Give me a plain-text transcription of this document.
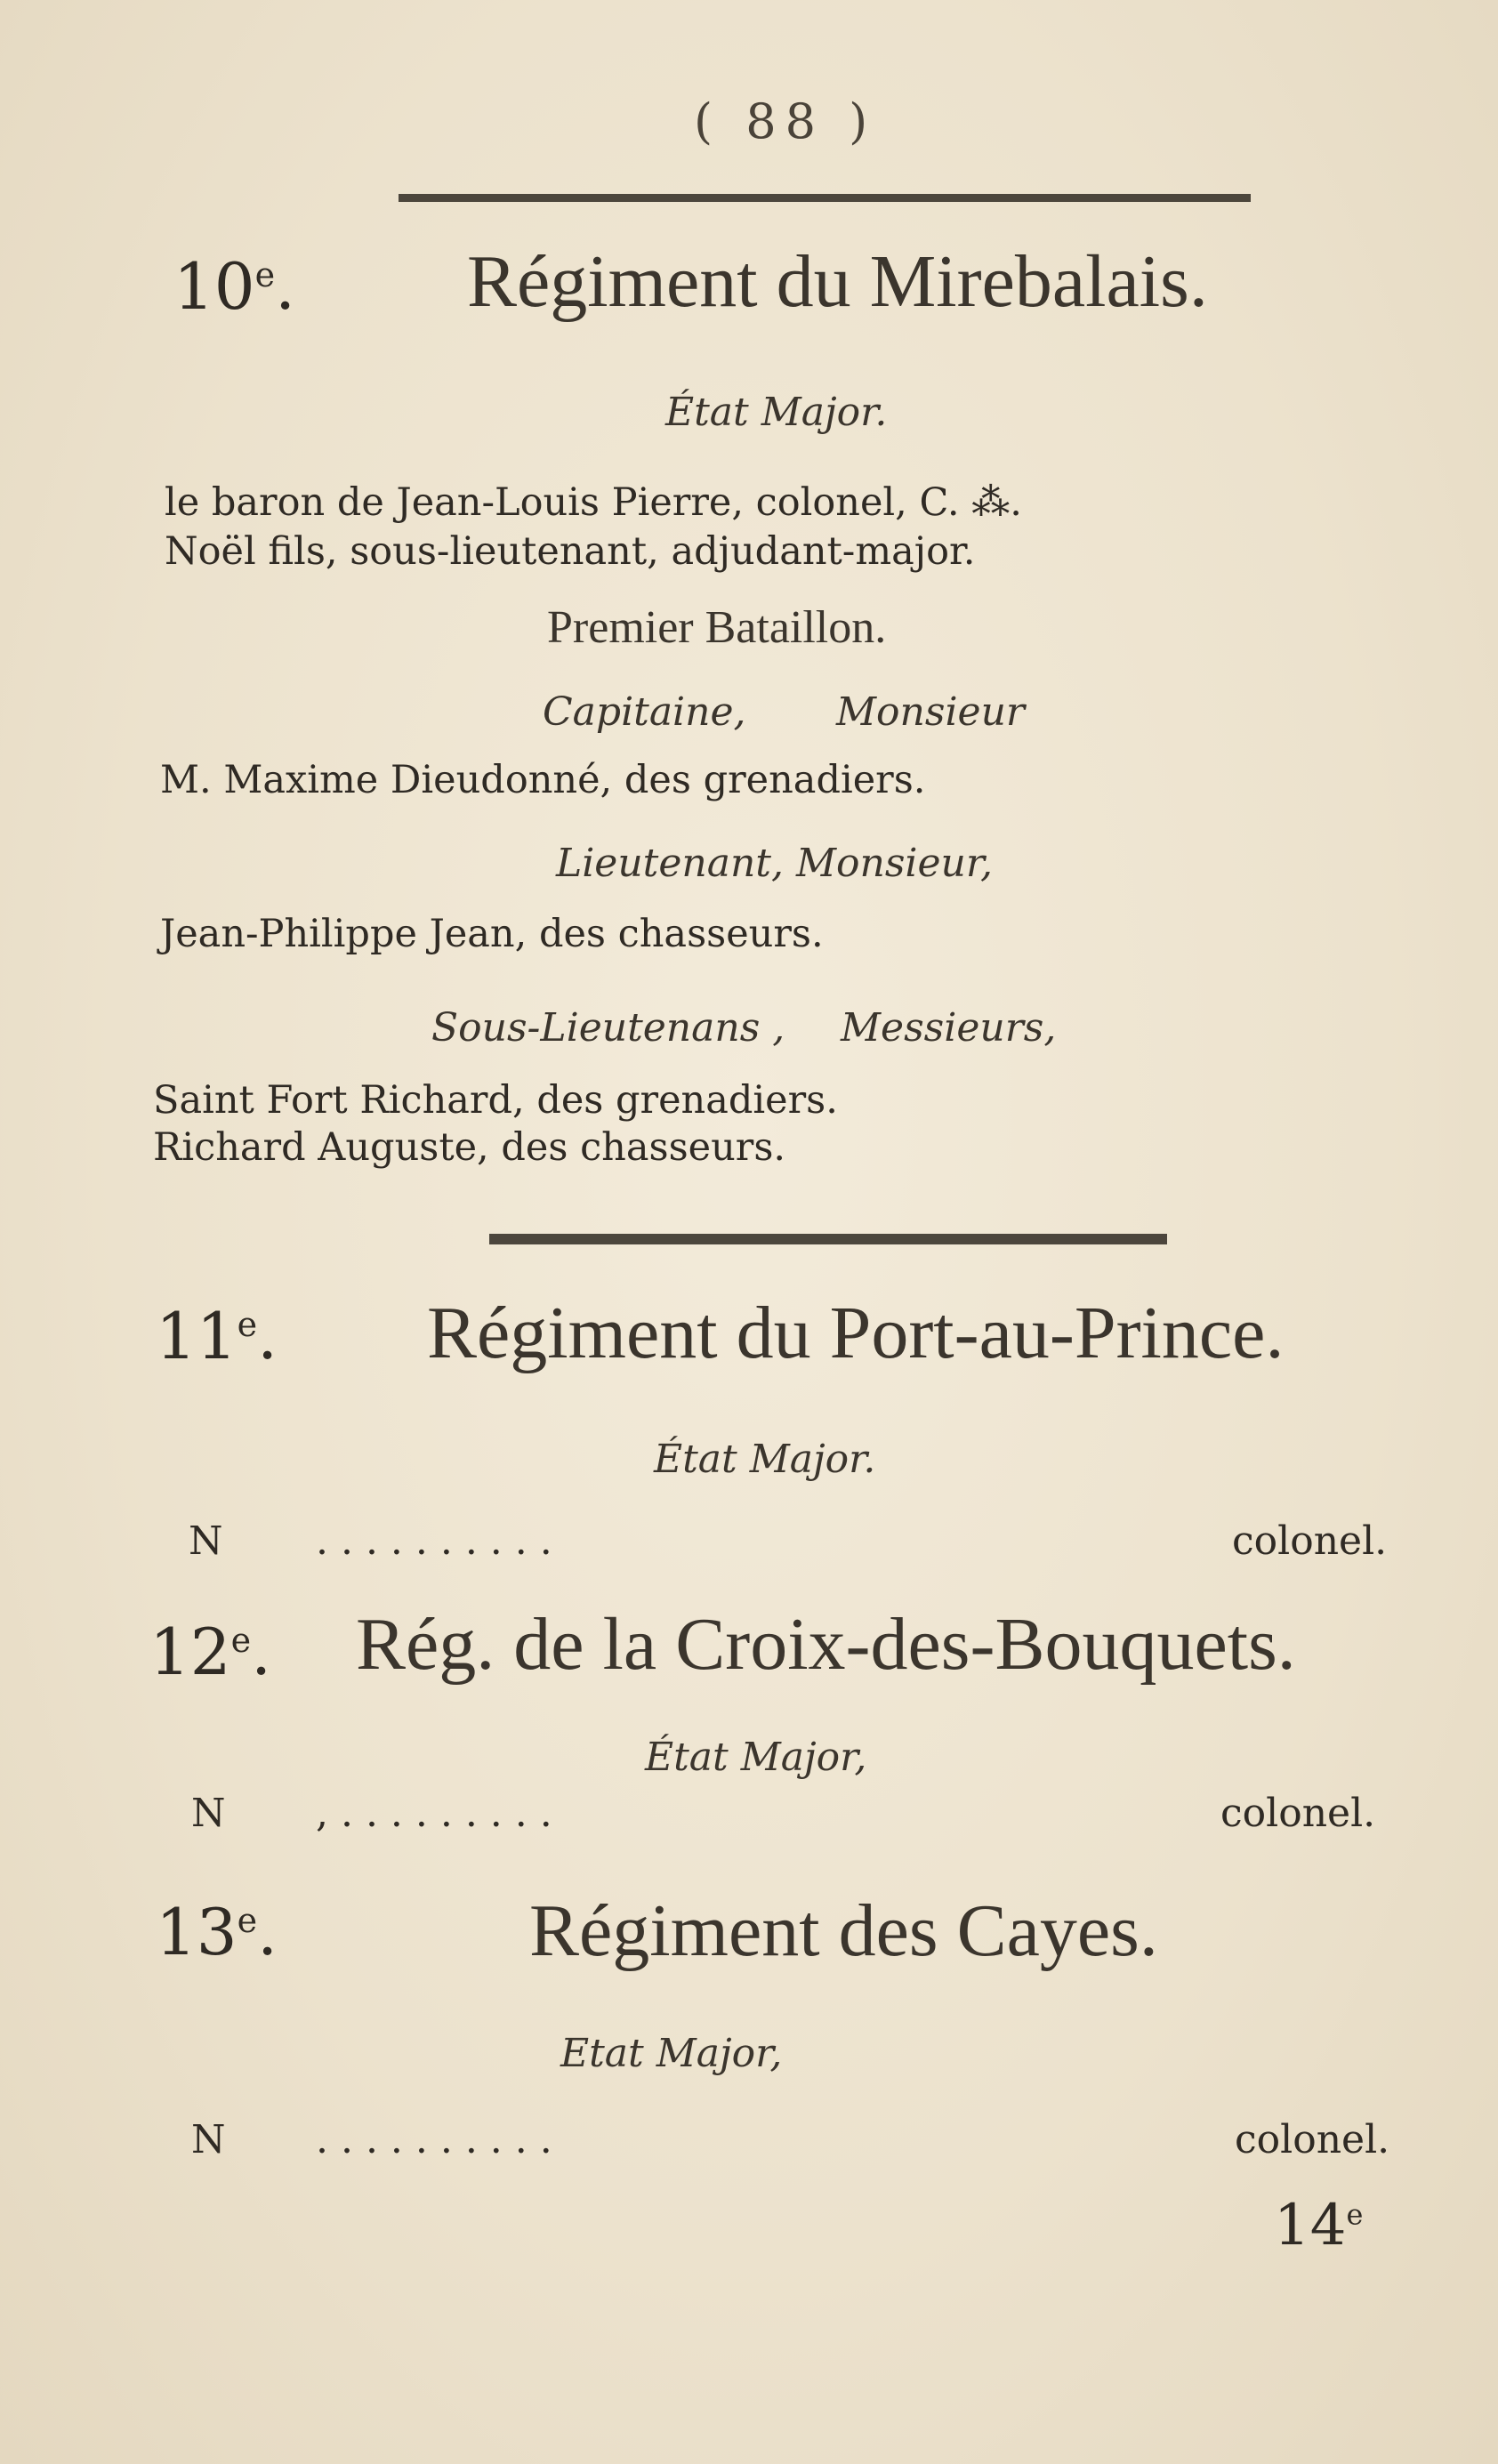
( 88 )
10e. Régiment du Mirebalais.
État Major.
le baron de Jean-Louis Pierre, colonel, C. ⁂.
Noël fils, sous-lieutenant, adjudant-major.
Premier Bataillon.
Capitaine, Monsieur
M. Maxime Dieudonné, des grenadiers.
Lieutenant, Monsieur,
Jean-Philippe Jean, des chasseurs.
Sous-Lieutenans , Messieurs,
Saint Fort Richard, des grenadiers.
Richard Auguste, des chasseurs.
11e. Régiment du Port-au-Prince.
État Major.
N . . . . . . . . . .	colonel.
12e. Rég. de la Croix-des-Bouquets.
État Major,
N , . . . . . . . . .	colonel.
13e.	Régiment des Cayes.
Etat Major,
N . . . . . . . . . .	colonel.
14e
